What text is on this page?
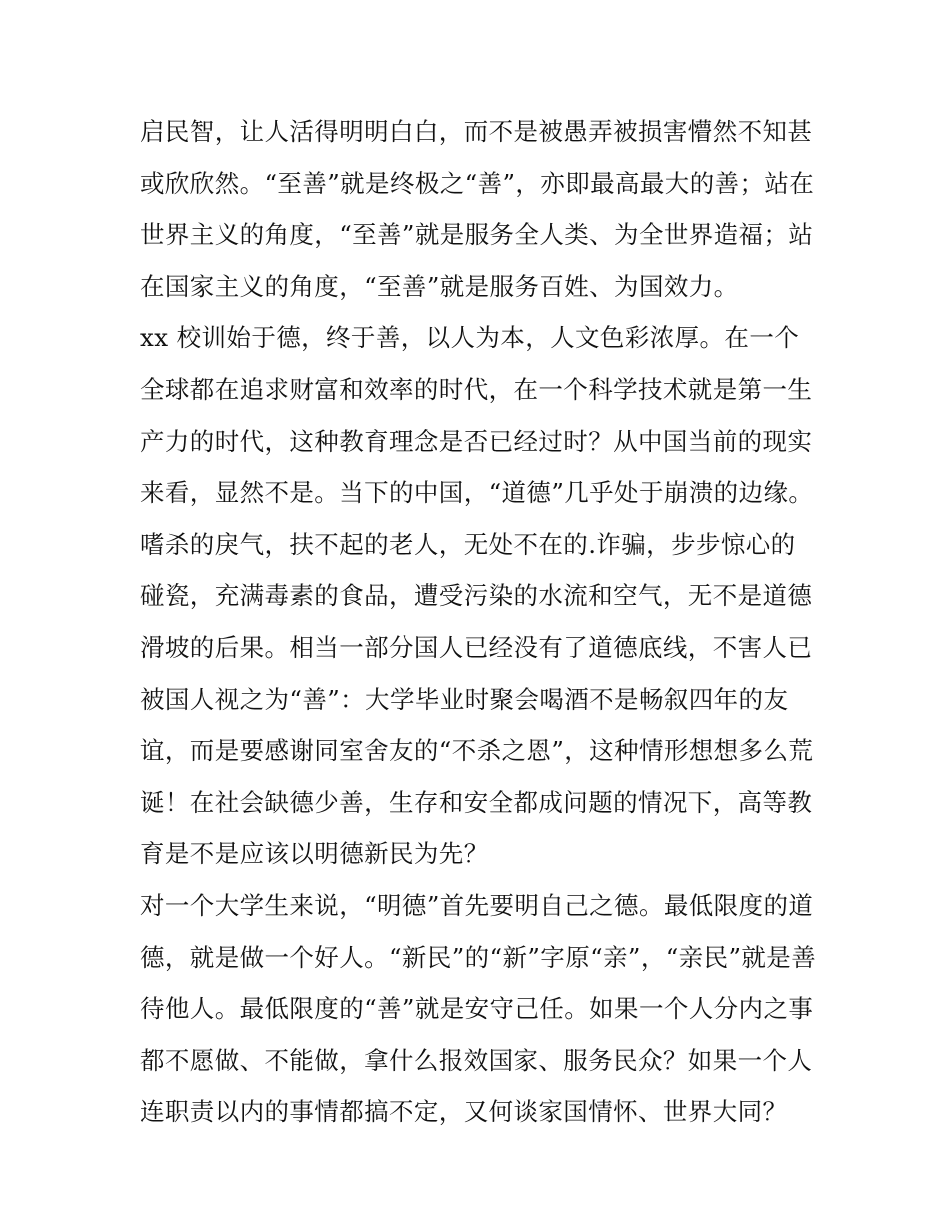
启民智，让人活得明明白白，而不是被愚弄被损害懵然不知甚
或欣欣然。“至善”就是终极之“善”，亦即最高最大的善；站在
世界主义的角度，“至善”就是服务全人类、为全世界造福；站
在国家主义的角度，“至善”就是服务百姓、为国效力。
xx 校训始于德，终于善，以人为本，人文色彩浓厚。在一个
全球都在追求财富和效率的时代，在一个科学技术就是第一生
产力的时代，这种教育理念是否已经过时？从中国当前的现实
来看，显然不是。当下的中国，“道德”几乎处于崩溃的边缘。
嗜杀的戾气，扶不起的老人，无处不在的.诈骗，步步惊心的
碰瓷，充满毒素的食品，遭受污染的水流和空气，无不是道德
滑坡的后果。相当一部分国人已经没有了道德底线，不害人已
被国人视之为“善”：大学毕业时聚会喝酒不是畅叙四年的友
谊，而是要感谢同室舍友的“不杀之恩”，这种情形想想多么荒
诞！在社会缺德少善，生存和安全都成问题的情况下，高等教
育是不是应该以明德新民为先？
对一个大学生来说，“明德”首先要明自己之德。最低限度的道
德，就是做一个好人。“新民”的“新”字原“亲”，“亲民”就是善
待他人。最低限度的“善”就是安守己任。如果一个人分内之事
都不愿做、不能做，拿什么报效国家、服务民众？如果一个人
连职责以内的事情都搞不定，又何谈家国情怀、世界大同？
